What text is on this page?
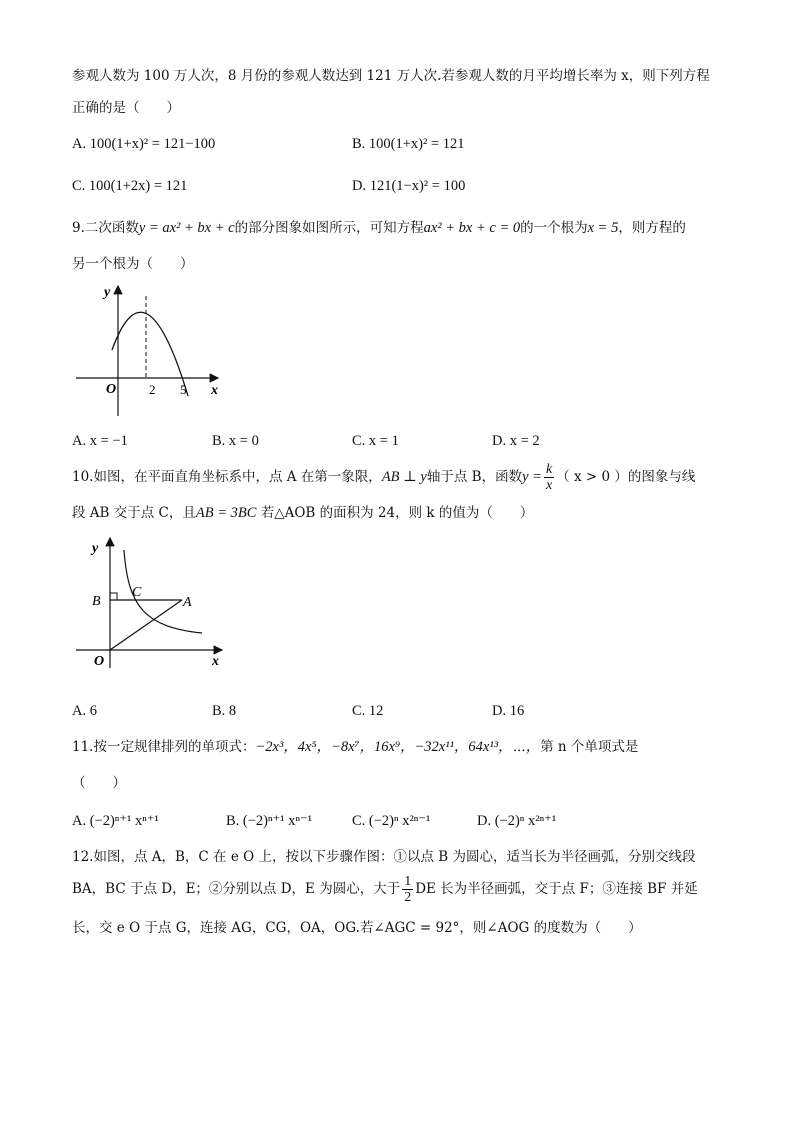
参观人数为 100 万人次，8 月份的参观人数达到 121 万人次.若参观人数的月平均增长率为 x，则下列方程
正确的是（　　）
A. 100(1+x)² = 121−100	B. 100(1+x)² = 121
C. 100(1+2x) = 121	D. 121(1−x)² = 100
9.二次函数y = ax² + bx + c的部分图象如图所示，可知方程ax² + bx + c = 0的一个根为x = 5，则方程的
另一个根为（　　）
y
x
O	2 5
A. x = −1	B. x = 0	C. x = 1	D. x = 2
10.如图，在平面直角坐标系中，点 A 在第一象限，AB ⊥ y轴于点 B，函数$y = \frac{k}{x}$ （ x > 0 ）的图象与线
段 AB 交于点 C，且AB = 3BC 若△AOB 的面积为 24，则 k 的值为（　　）
y
x
O
B
C
A
A. 6	B. 8	C. 12	D. 16
11.按一定规律排列的单项式：−2x³，4x⁵，−8x⁷，16x⁹，−32x¹¹，64x¹³，⋯，第 n 个单项式是
（　　）
A. (−2)ⁿ⁺¹ xⁿ⁺¹	B. (−2)ⁿ⁺¹ xⁿ⁻¹	C. (−2)ⁿ x²ⁿ⁻¹	D. (−2)ⁿ x²ⁿ⁺¹
12.如图，点 A，B，C 在 e O 上，按以下步骤作图：①以点 B 为圆心，适当长为半径画弧，分别交线段
BA，BC 于点 D，E；②分别以点 D，E 为圆心，大于 $\frac{1}{2}$ DE 长为半径画弧，交于点 F；③连接 BF 并延
长，交 e O 于点 G，连接 AG，CG，OA，OG.若∠AGC = 92°，则∠AOG 的度数为（　　）
